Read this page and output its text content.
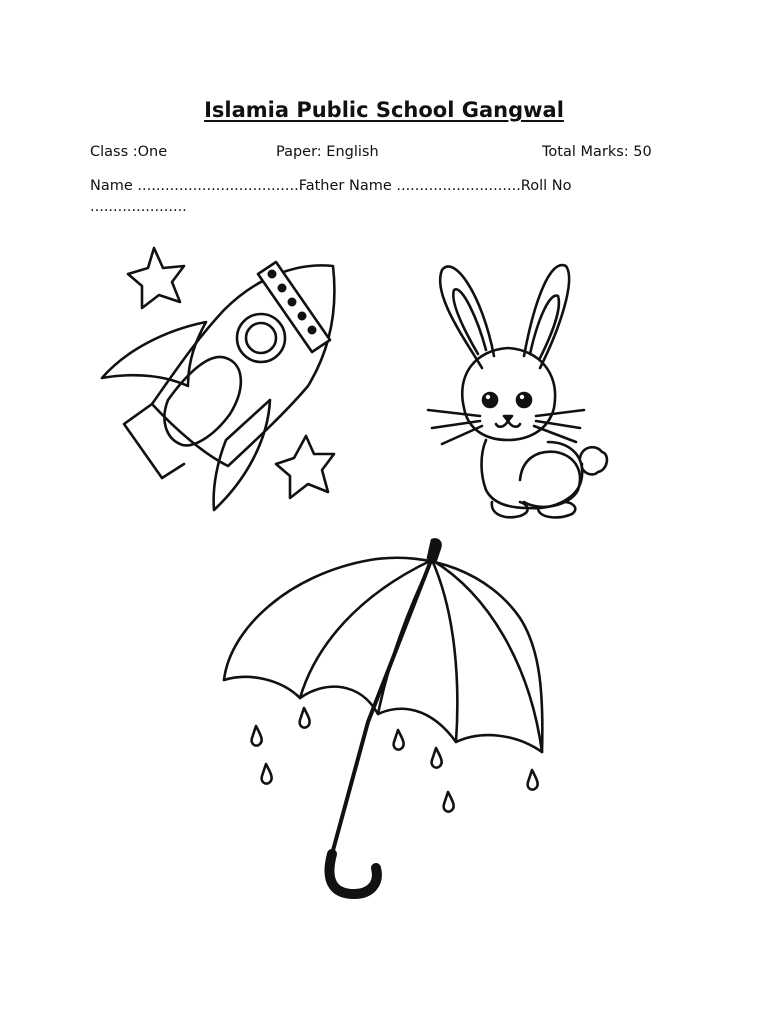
Islamia Public School Gangwal
Class :One	Paper: English	Total Marks: 50
Name ...................................Father Name ...........................Roll No
.....................
